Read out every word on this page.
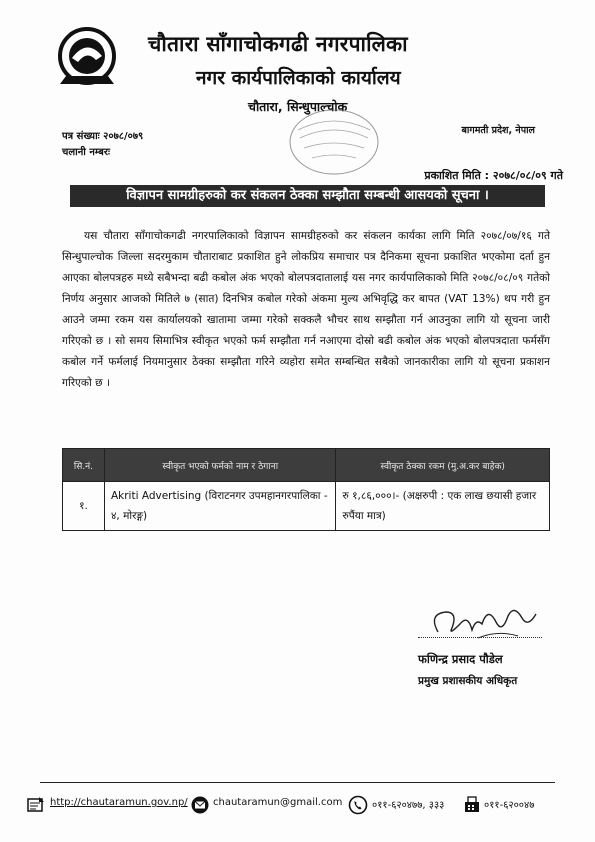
चौतारा साँगाचोकगढी नगरपालिका
नगर कार्यपालिकाको कार्यालय
चौतारा, सिन्धुपाल्चोक
बागमती प्रदेश, नेपाल
पत्र संख्याः २०७८/०७९
चलानी नम्बरः
प्रकाशित मिति : २०७८/०८/०९ गते
विज्ञापन सामग्रीहरुको कर संकलन ठेक्का सम्झौता सम्बन्धी आसयको सूचना ।

यस चौतारा साँगाचोकगढी नगरपालिकाको विज्ञापन सामग्रीहरुको कर संकलन कार्यका लागि मिति २०७८/०७/१६ गते सिन्धुपाल्चोक जिल्ला सदरमुकाम चौताराबाट प्रकाशित हुने लोकप्रिय समाचार पत्र दैनिकमा सूचना प्रकाशित भएकोमा दर्ता हुन आएका बोलपत्रहरु मध्ये सबैभन्दा बढी कबोल अंक भएको बोलपत्रदातालाई यस नगर कार्यपालिकाको मिति २०७८/०८/०९ गतेको निर्णय अनुसार आजको मितिले ७ (सात) दिनभित्र कबोल गरेको अंकमा मुल्य अभिवृद्धि कर बापत (VAT 13%) थप गरी हुन आउने जम्मा रकम यस कार्यालयको खातामा जम्मा गरेको सक्कलै भौचर साथ सम्झौता गर्न आउनुका लागि यो सूचना जारी गरिएको छ । सो समय सिमाभित्र स्वीकृत भएको फर्म सम्झौता गर्न नआएमा दोस्रो बढी कबोल अंक भएको बोलपत्रदाता फर्मसँग कबोल गर्ने फर्मलाई नियमानुसार ठेक्का सम्झौता गरिने व्यहोरा समेत सम्बन्धित सबैको जानकारीका लागि यो सूचना प्रकाशन गरिएको छ ।

सि.नं.	स्वीकृत भएको फर्मको नाम र ठेगाना	स्वीकृत ठेक्का रकम (मु.अ.कर बाहेक)
१.	Akriti Advertising (विराटनगर उपमहानगरपालिका - ४, मोरङ्ग)	रु १,८६,०००।- (अक्षरुपी : एक लाख छयासी हजार रुपैंया मात्र)
फणिन्द्र प्रसाद पौडेल
प्रमुख प्रशासकीय अधिकृत
http://chautaramun.gov.np/	chautaramun@gmail.com	०११-६२०४७७, ३३३	०११-६२००४७
